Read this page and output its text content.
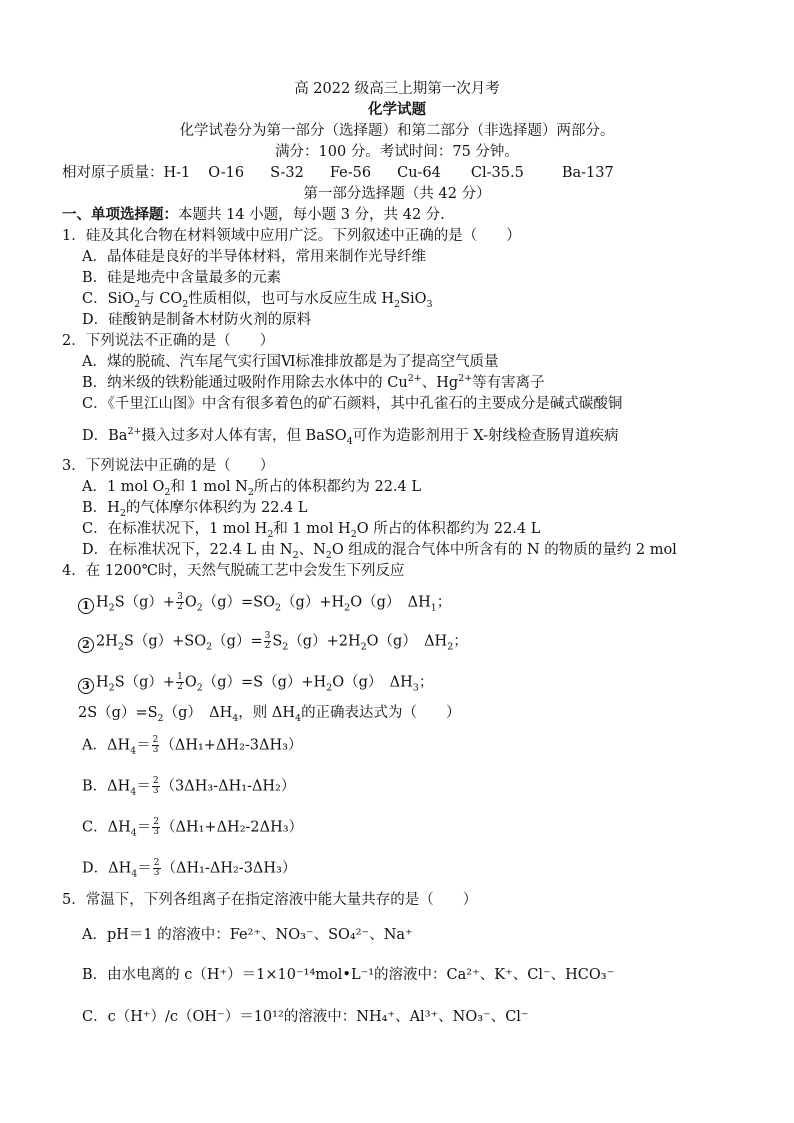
高 2022 级高三上期第一次月考
化学试题
化学试卷分为第一部分（选择题）和第二部分（非选择题）两部分。
满分：100 分。考试时间：75 分钟。
相对原子质量：H-1 O-16 S-32 Fe-56 Cu-64 Cl-35.5	Ba-137
第一部分选择题（共 42 分）
一、单项选择题：本题共 14 小题，每小题 3 分，共 42 分.
1．硅及其化合物在材料领域中应用广泛。下列叙述中正确的是（　　）
A．晶体硅是良好的半导体材料，常用来制作光导纤维
B．硅是地壳中含量最多的元素
C．SiO$_2$与 $CO_2$性质相似，也可与水反应生成 $H_2SiO_3$
D．硅酸钠是制备木材防火剂的原料
2．下列说法不正确的是（　　）
A．煤的脱硫、汽车尾气实行国Ⅵ标准排放都是为了提高空气质量
B．纳米级的铁粉能通过吸附作用除去水体中的 $Cu^{2+}$、$Hg^{2+}$等有害离子
C．《千里江山图》中含有很多着色的矿石颜料，其中孔雀石的主要成分是碱式碳酸铜
D．$Ba^{2+}$摄入过多对人体有害，但 BaSO$_4$可作为造影剂用于 X-射线检查肠胃道疾病
3．下列说法中正确的是（　　）
A．1 mol $O_2$和 1 mol $N_2$所占的体积都约为 22.4 L
B．$H_2$的气体摩尔体积约为 22.4 L
C．在标准状况下，1 mol $H_2$和 1 mol $H_2O$ 所占的体积都约为 22.4 L
D．在标准状况下，22.4 L 由 $N_2$、$N_2O$ 组成的混合气体中所含有的 N 的物质的量约 2 mol
4．在 1200℃时，天然气脱硫工艺中会发生下列反应
1 $H_2S(g)+ \frac{3}{2} O_2(g)=SO_2(g)+H_2O(g)$　$\Delta H_1$；
2 $2H_2S(g)+SO_2(g)= \frac{3}{2} S_2(g)+2H_2O(g)$　$\Delta H_2$；
3 $H_2S(g)+ \frac{1}{2} O_2(g)=S(g)+H_2O(g)$　$\Delta H_3$；
$2S(g)=S_2(g)$　$\Delta H_4$，则 $\Delta H_4$的正确表达式为（　　）
A．$\Delta H_4= \frac{2}{3} (\Delta H_1+\Delta H_2-3\Delta H_3)$
B．$\Delta H_4= \frac{2}{3} (3\Delta H_3-\Delta H_1-\Delta H_2)$
C．$\Delta H_4= \frac{2}{3} (\Delta H_1+\Delta H_2-2\Delta H_3)$
D．$\Delta H_4= \frac{2}{3} (\Delta H_1-\Delta H_2-3\Delta H_3)$
5．常温下，下列各组离子在指定溶液中能大量共存的是（　　）
A．pH＝1 的溶液中：Fe²⁺、NO₃⁻、SO₄²⁻、Na⁺
B．由水电离的 c（H⁺）＝1×10⁻¹⁴mol•L⁻¹的溶液中：Ca²⁺、K⁺、Cl⁻、HCO₃⁻
C．c（H⁺）/c（OH⁻）＝10¹²的溶液中：NH₄⁺、Al³⁺、NO₃⁻、Cl⁻
